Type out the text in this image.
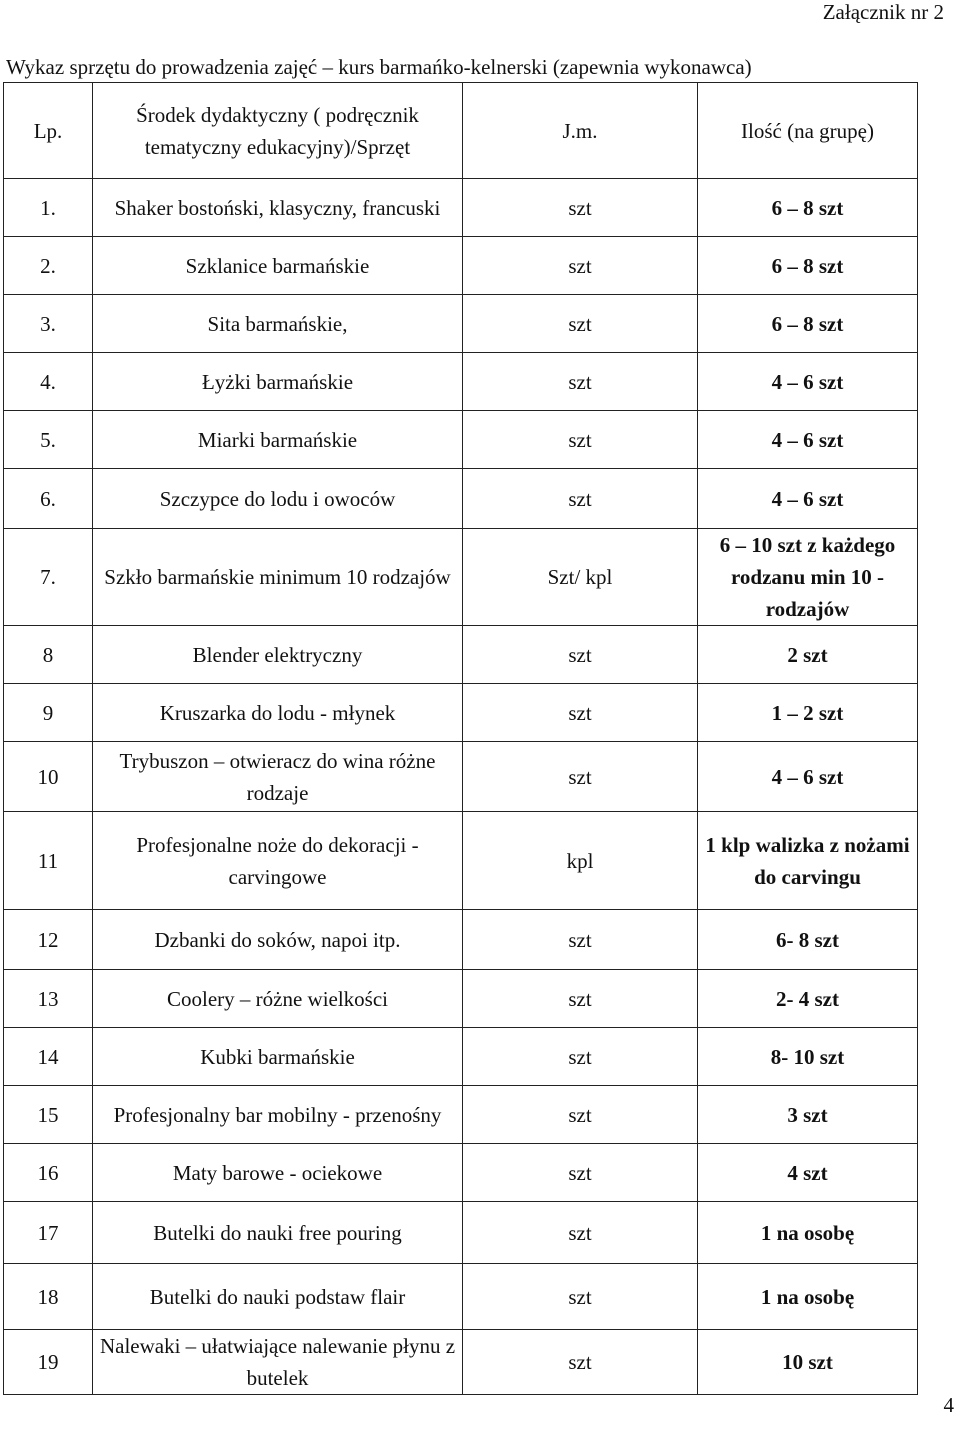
Załącznik nr 2
Wykaz sprzętu do prowadzenia zajęć – kurs barmańko-kelnerski (zapewnia wykonawca)
Lp.	Środek dydaktyczny ( podręcznik tematyczny edukacyjny)/Sprzęt	J.m.	Ilość (na grupę)
1.	Shaker bostoński, klasyczny, francuski	szt	6 – 8 szt
2.	Szklanice barmańskie	szt	6 – 8 szt
3.	Sita barmańskie,	szt	6 – 8 szt
4.	Łyżki barmańskie	szt	4 – 6 szt
5.	Miarki barmańskie	szt	4 – 6 szt
6.	Szczypce do lodu i owoców	szt	4 – 6 szt
7.	Szkło barmańskie minimum 10 rodzajów	Szt/ kpl	6 – 10 szt z każdego rodzanu min 10 - rodzajów
8	Blender elektryczny	szt	2 szt
9	Kruszarka do lodu - młynek	szt	1 – 2 szt
10	Trybuszon – otwieracz do wina różne rodzaje	szt	4 – 6 szt
11	Profesjonalne noże do dekoracji - carvingowe	kpl	1 klp walizka z nożami do carvingu
12	Dzbanki do soków, napoi itp.	szt	6- 8 szt
13	Coolery – różne wielkości	szt	2- 4 szt
14	Kubki barmańskie	szt	8- 10 szt
15	Profesjonalny bar mobilny - przenośny	szt	3 szt
16	Maty barowe - ociekowe	szt	4 szt
17	Butelki do nauki free pouring	szt	1 na osobę
18	Butelki do nauki podstaw flair	szt	1 na osobę
19	Nalewaki – ułatwiające nalewanie płynu z butelek	szt	10 szt
4
